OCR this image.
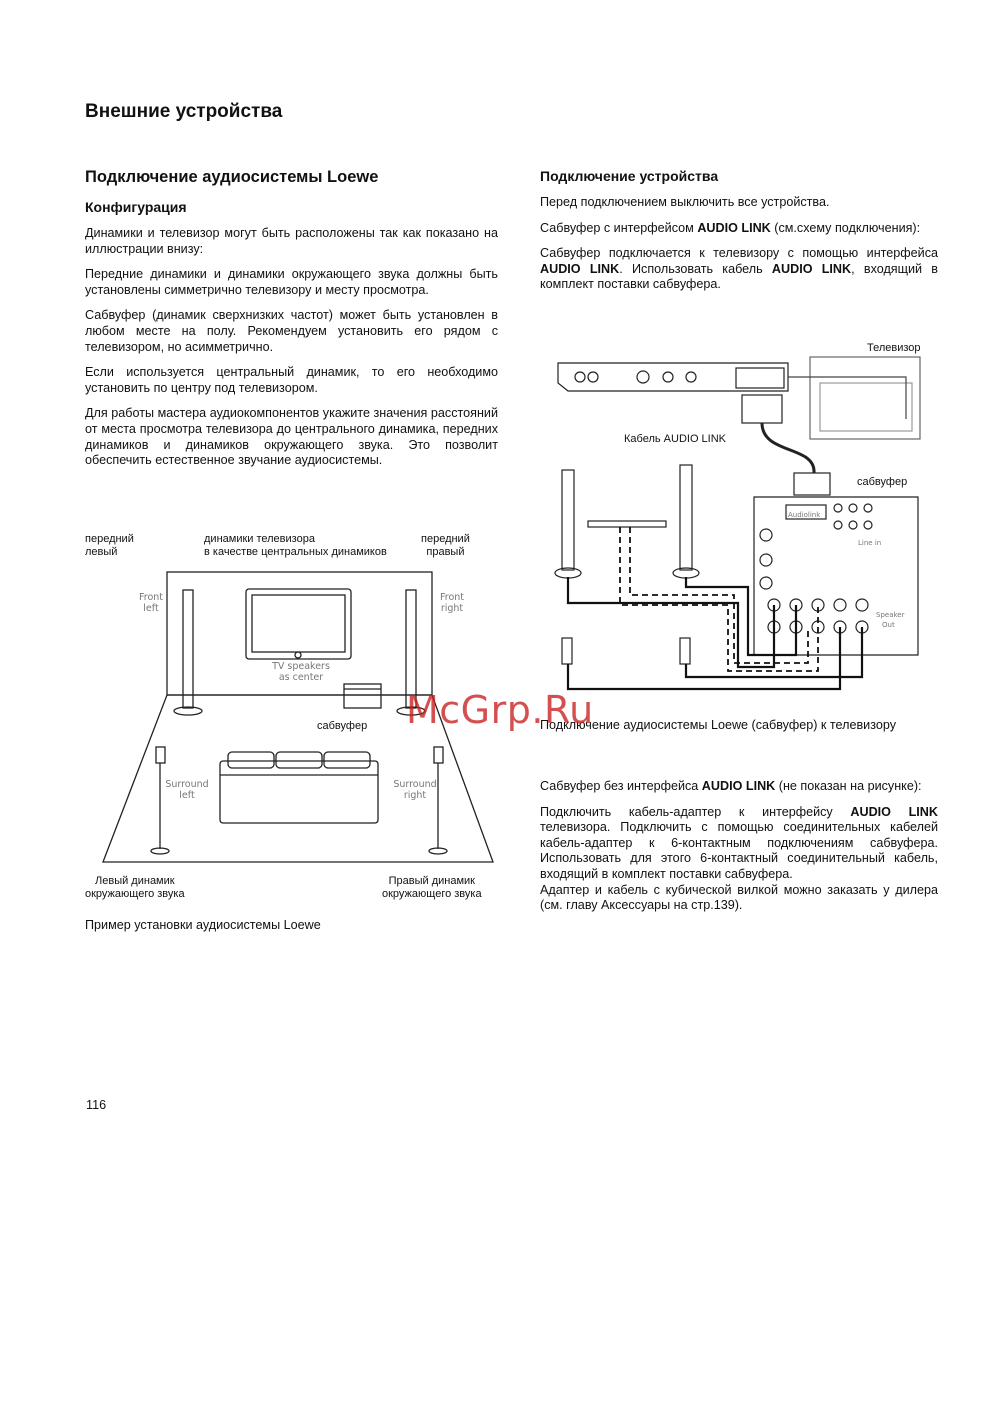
Внешние устройства
Подключение аудиосистемы Loewe
Конфигурация

Динамики и телевизор могут быть расположены так как показано на иллюстрации внизу:

Передние динамики и динамики окружающего звука должны быть установлены симметрично телевизору и месту просмотра.

Сабвуфер (динамик сверхнизких частот) может быть установлен в любом месте на полу. Рекомендуем установить его рядом с телевизором, но асимметрично.

Если используется центральный динамик, то его необходимо установить по центру под телевизором.

Для работы мастера аудиокомпонентов укажите значения расстояний от места просмотра телевизора до центрального динамика, передних динамиков и динамиков окружающего звука. Это позволит обеспечить естественное звучание аудиосистемы.

передний
левый
динамики телевизора
в качестве центральных динамиков
передний
правый
сабвуфер
Левый динамик
окружающего звука
Правый динамик
окружающего звука
Front
left
Front
right
TV speakers
as center
Surround
left
Surround
right
Пример установки аудиосистемы Loewe
Подключение устройства

Перед подключением выключить все устройства.

Сабвуфер с интерфейсом AUDIO LINK (см.схему подключения):

Сабвуфер подключается к телевизору с помощью интерфейса AUDIO LINK. Использовать кабель AUDIO LINK, входящий в комплект поставки сабвуфера.

Телевизор
Кабель AUDIO LINK
сабвуфер
Audiolink
Line in
Speaker
Out
Подключение аудиосистемы Loewe (сабвуфер) к телевизору
McGrp.Ru

Сабвуфер без интерфейса AUDIO LINK (не показан на рисунке):

Подключить кабель-адаптер к интерфейсу AUDIO LINK телевизора. Подключить с помощью соединительных кабелей кабель-адаптер к 6-контактным подключениям сабвуфера. Использовать для этого 6-контактный соединительный кабель, входящий в комплект поставки сабвуфера.

Адаптер и кабель с кубической вилкой можно заказать у дилера (см. главу Аксессуары на стр.139).

116
